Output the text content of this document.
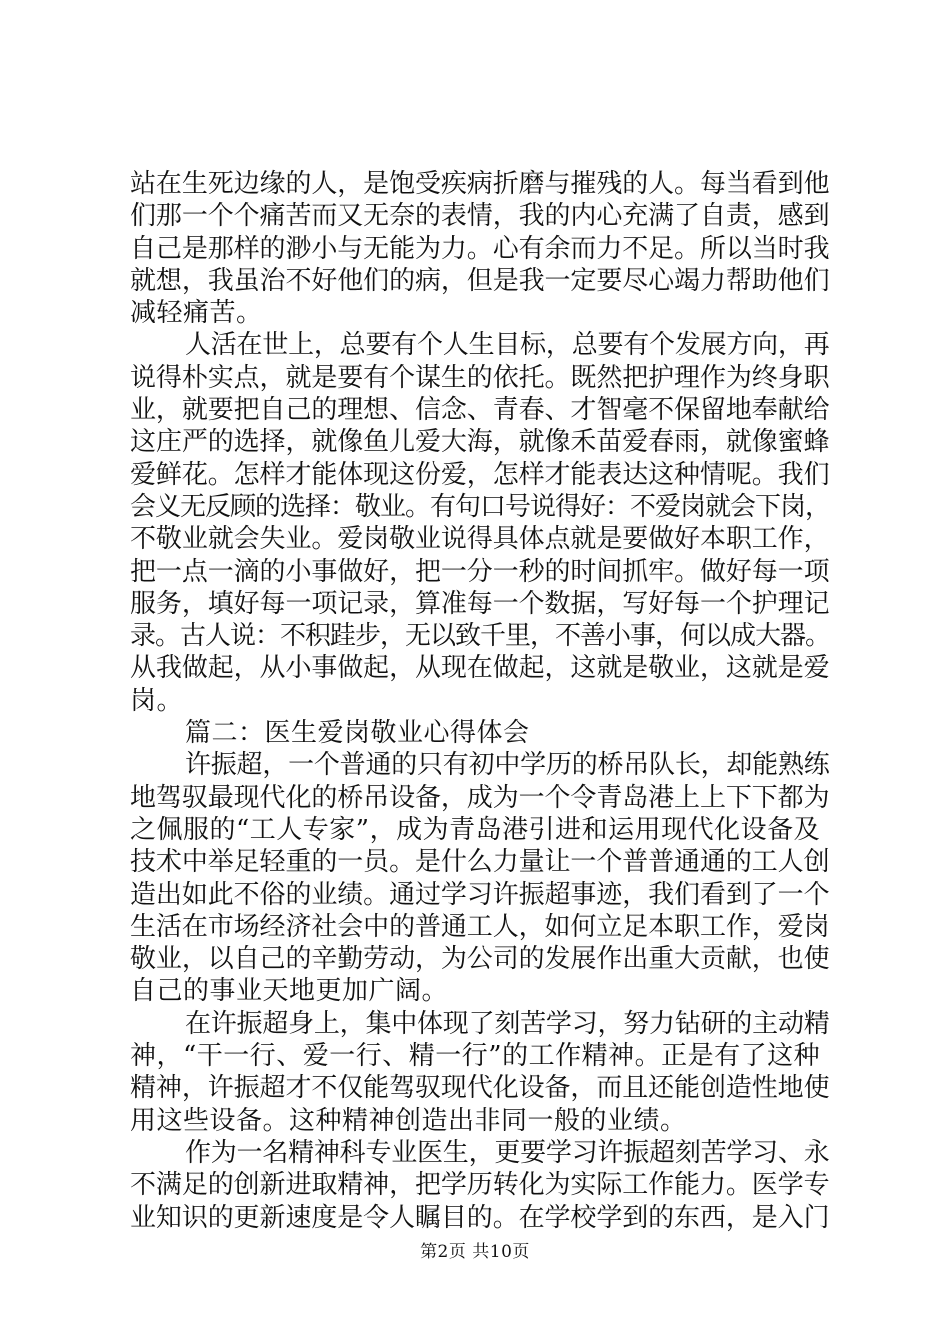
站在生死边缘的人，是饱受疾病折磨与摧残的人。每当看到他
们那一个个痛苦而又无奈的表情，我的内心充满了自责，感到
自己是那样的渺小与无能为力。心有余而力不足。所以当时我
就想，我虽治不好他们的病，但是我一定要尽心竭力帮助他们
减轻痛苦。
人活在世上，总要有个人生目标，总要有个发展方向，再
说得朴实点，就是要有个谋生的依托。既然把护理作为终身职
业，就要把自己的理想、信念、青春、才智毫不保留地奉献给
这庄严的选择，就像鱼儿爱大海，就像禾苗爱春雨，就像蜜蜂
爱鲜花。怎样才能体现这份爱，怎样才能表达这种情呢。我们
会义无反顾的选择：敬业。有句口号说得好：不爱岗就会下岗，
不敬业就会失业。爱岗敬业说得具体点就是要做好本职工作，
把一点一滴的小事做好，把一分一秒的时间抓牢。做好每一项
服务，填好每一项记录，算准每一个数据，写好每一个护理记
录。古人说：不积跬步，无以致千里，不善小事，何以成大器。
从我做起，从小事做起，从现在做起，这就是敬业，这就是爱
岗。
篇二：医生爱岗敬业心得体会
许振超，一个普通的只有初中学历的桥吊队长，却能熟练
地驾驭最现代化的桥吊设备，成为一个令青岛港上上下下都为
之佩服的“工人专家”，成为青岛港引进和运用现代化设备及
技术中举足轻重的一员。是什么力量让一个普普通通的工人创
造出如此不俗的业绩。通过学习许振超事迹，我们看到了一个
生活在市场经济社会中的普通工人，如何立足本职工作，爱岗
敬业，以自己的辛勤劳动，为公司的发展作出重大贡献，也使
自己的事业天地更加广阔。
在许振超身上，集中体现了刻苦学习，努力钻研的主动精
神，“干一行、爱一行、精一行”的工作精神。正是有了这种
精神，许振超才不仅能驾驭现代化设备，而且还能创造性地使
用这些设备。这种精神创造出非同一般的业绩。
作为一名精神科专业医生，更要学习许振超刻苦学习、永
不满足的创新进取精神，把学历转化为实际工作能力。医学专
业知识的更新速度是令人瞩目的。在学校学到的东西，是入门
第2页 共10页
